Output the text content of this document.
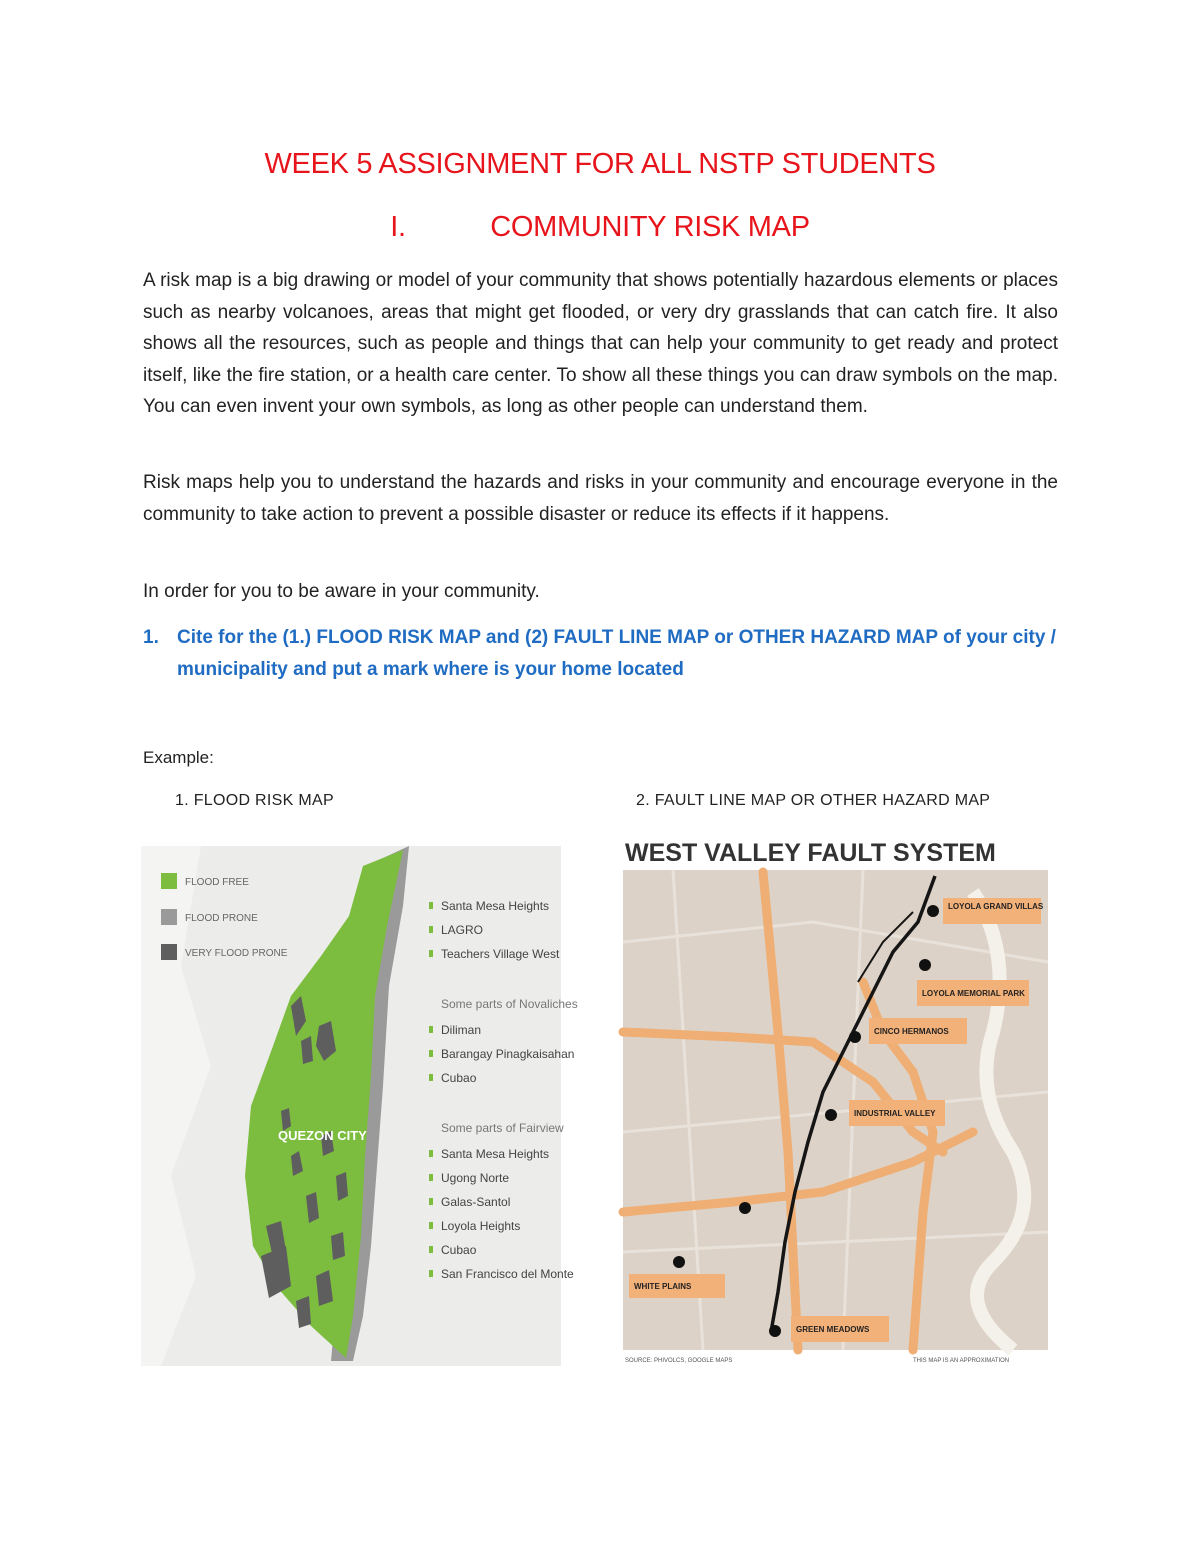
WEEK 5 ASSIGNMENT FOR ALL NSTP STUDENTS
I.	COMMUNITY RISK MAP

A risk map is a big drawing or model of your community that shows potentially hazardous elements or places such as nearby volcanoes, areas that might get flooded, or very dry grasslands that can catch fire. It also shows all the resources, such as people and things that can help your community to get ready and protect itself, like the fire station, or a health care center. To show all these things you can draw symbols on the map. You can even invent your own symbols, as long as other people can understand them.

Risk maps help you to understand the hazards and risks in your community and encourage everyone in the community to take action to prevent a possible disaster or reduce its effects if it happens.

In order for you to be aware in your community.

1. Cite for the (1.) FLOOD RISK MAP and (2) FAULT LINE MAP or OTHER HAZARD MAP of your city / municipality and put a mark where is your home located
Example:
1. FLOOD RISK MAP	2. FAULT LINE MAP OR OTHER HAZARD MAP
QUEZON CITY
FLOOD FREE
FLOOD PRONE
VERY FLOOD PRONE
Santa Mesa Heights
LAGRO
Teachers Village West
Some parts of Novaliches
Diliman
Barangay Pinagkaisahan
Cubao
Some parts of Fairview
Santa Mesa Heights
Ugong Norte
Galas-Santol
Loyola Heights
Cubao
San Francisco del Monte
WEST VALLEY FAULT SYSTEM
LOYOLA GRAND VILLAS
LOYOLA MEMORIAL PARK
CINCO HERMANOS
INDUSTRIAL VALLEY
WHITE PLAINS
GREEN MEADOWS
SOURCE: PHIVOLCS, GOOGLE MAPS	THIS MAP IS AN APPROXIMATION
